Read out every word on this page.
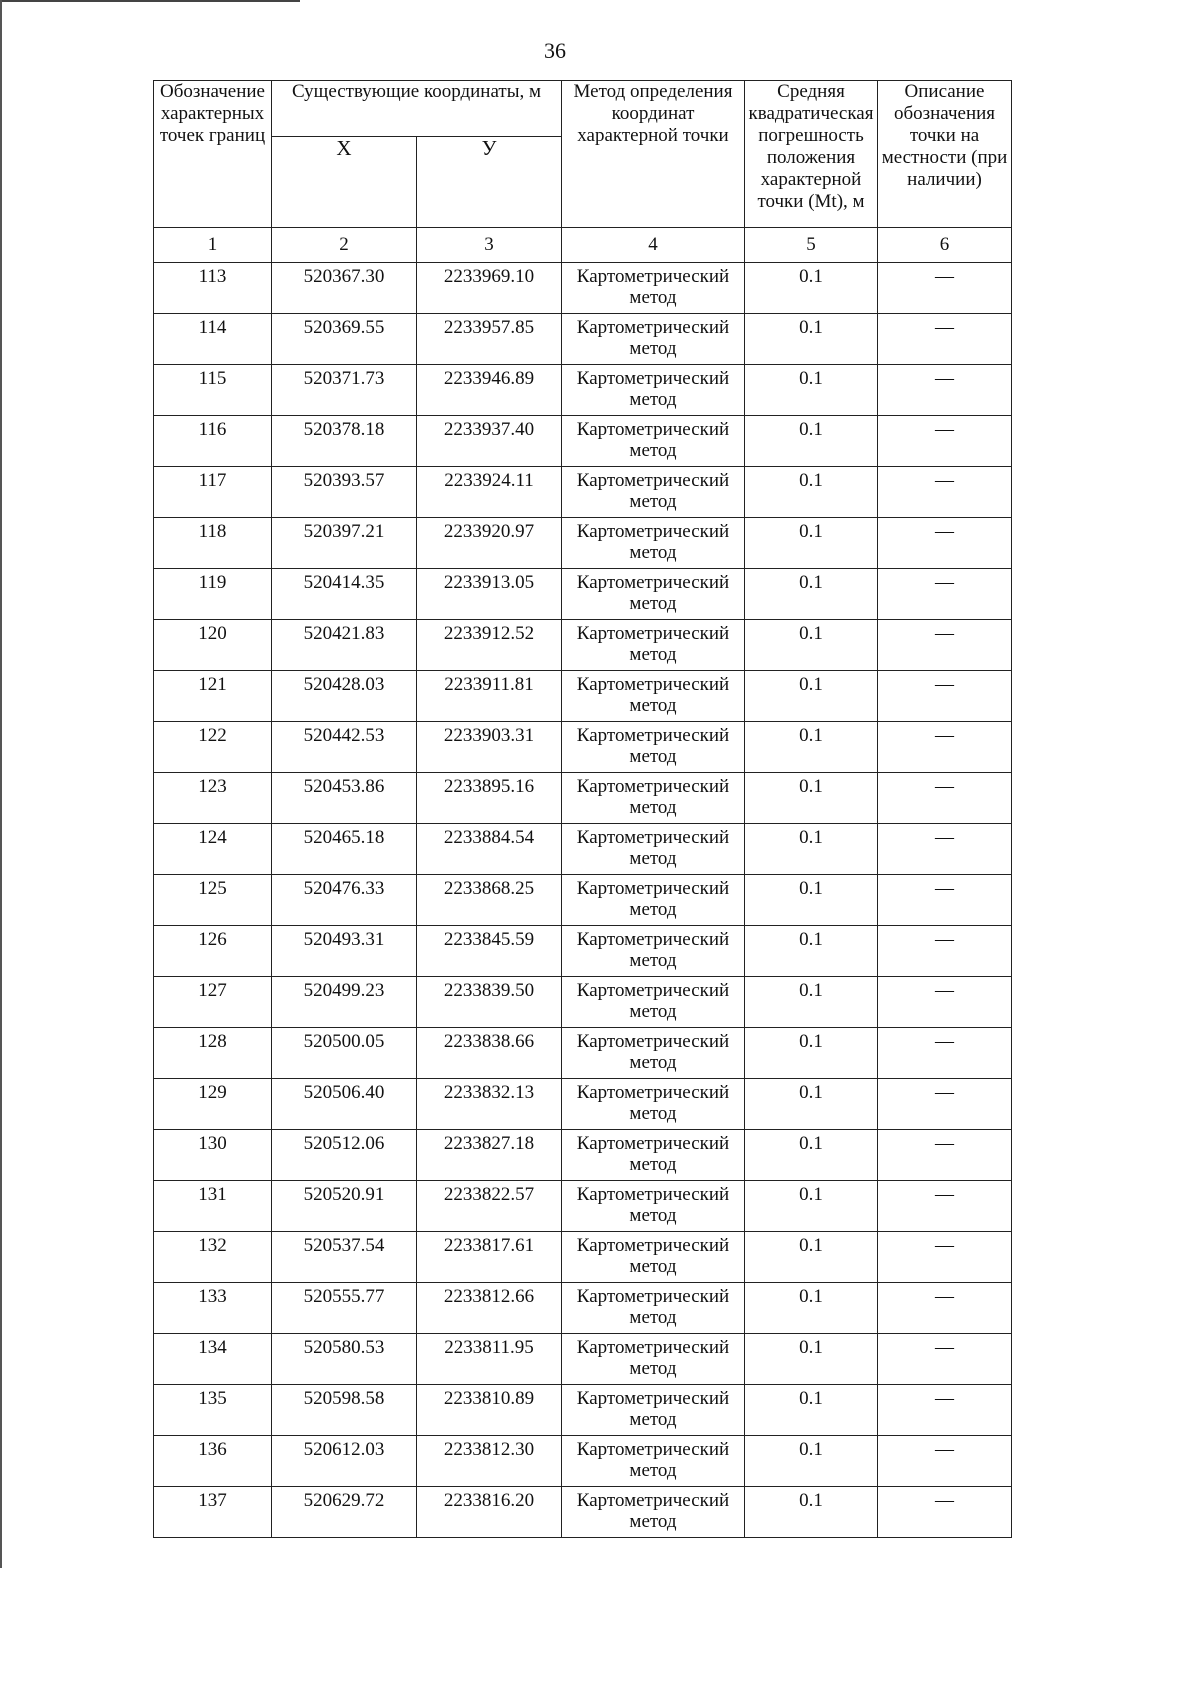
36
Обозначение характерных точек границ	Существующие координаты, м		Метод определения координат характерной точки	Средняя квадратическая погрешность положения характерной точки (Mt), м	Описание обозначения точки на местности (при наличии)
	X	У			
1	2	3	4	5	6
113	520367.30	2233969.10	Картометрический метод	0.1	—
114	520369.55	2233957.85	Картометрический метод	0.1	—
115	520371.73	2233946.89	Картометрический метод	0.1	—
116	520378.18	2233937.40	Картометрический метод	0.1	—
117	520393.57	2233924.11	Картометрический метод	0.1	—
118	520397.21	2233920.97	Картометрический метод	0.1	—
119	520414.35	2233913.05	Картометрический метод	0.1	—
120	520421.83	2233912.52	Картометрический метод	0.1	—
121	520428.03	2233911.81	Картометрический метод	0.1	—
122	520442.53	2233903.31	Картометрический метод	0.1	—
123	520453.86	2233895.16	Картометрический метод	0.1	—
124	520465.18	2233884.54	Картометрический метод	0.1	—
125	520476.33	2233868.25	Картометрический метод	0.1	—
126	520493.31	2233845.59	Картометрический метод	0.1	—
127	520499.23	2233839.50	Картометрический метод	0.1	—
128	520500.05	2233838.66	Картометрический метод	0.1	—
129	520506.40	2233832.13	Картометрический метод	0.1	—
130	520512.06	2233827.18	Картометрический метод	0.1	—
131	520520.91	2233822.57	Картометрический метод	0.1	—
132	520537.54	2233817.61	Картометрический метод	0.1	—
133	520555.77	2233812.66	Картометрический метод	0.1	—
134	520580.53	2233811.95	Картометрический метод	0.1	—
135	520598.58	2233810.89	Картометрический метод	0.1	—
136	520612.03	2233812.30	Картометрический метод	0.1	—
137	520629.72	2233816.20	Картометрический метод	0.1	—
